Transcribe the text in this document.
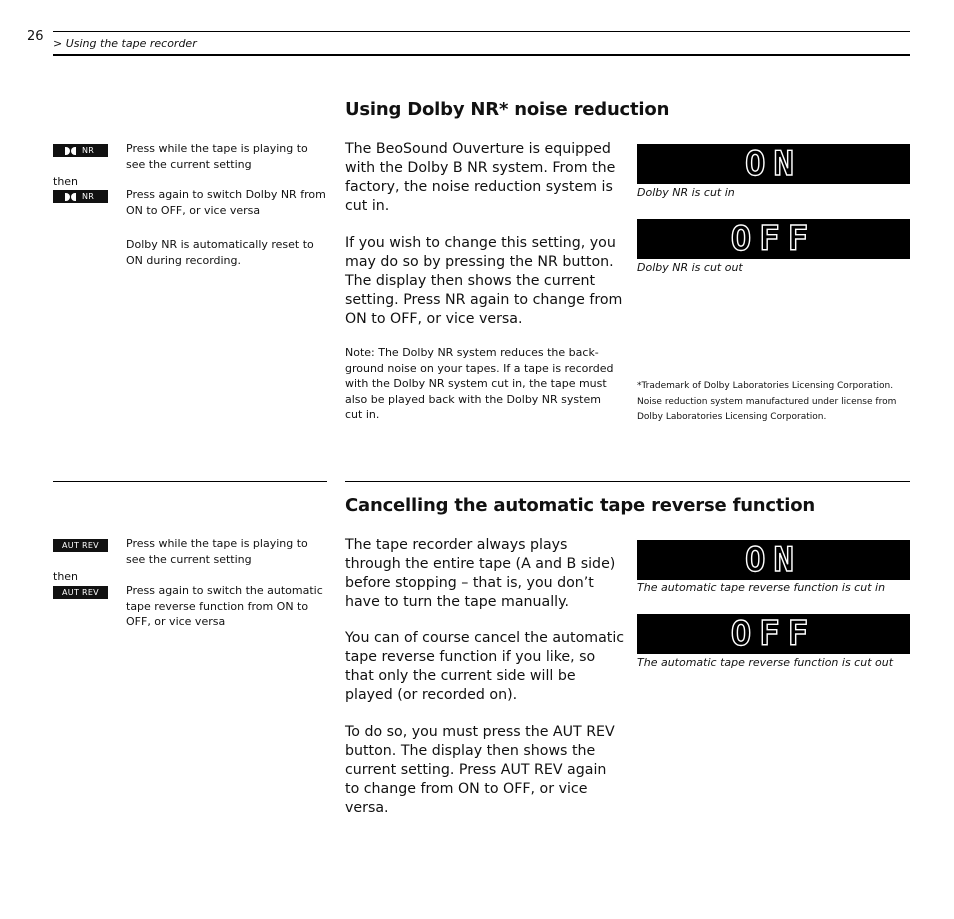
26 > Using the tape recorder
Using Dolby NR* noise reduction
NR	Press while the tape is playing to see the current setting
then
NR	Press again to switch Dolby NR from ON to OFF, or vice versa
Dolby NR is automatically reset to ON during recording.
The BeoSound Ouverture is equipped with the Dolby B NR system. From the factory, the noise reduction system is cut in.
If you wish to change this setting, you may do so by pressing the NR button. The display then shows the current setting. Press NR again to change from ON to OFF, or vice versa.
Note: The Dolby NR system reduces the back-ground noise on your tapes. If a tape is recorded with the Dolby NR system cut in, the tape must also be played back with the Dolby NR system cut in.
ON
Dolby NR is cut in
OFF
Dolby NR is cut out
*Trademark of Dolby Laboratories Licensing Corporation. Noise reduction system manufactured under license from Dolby Laboratories Licensing Corporation.
Cancelling the automatic tape reverse function
AUT REV Press while the tape is playing to see the current setting
then
AUT REV Press again to switch the automatic tape reverse function from ON to OFF, or vice versa
The tape recorder always plays through the entire tape (A and B side) before stopping – that is, you don’t have to turn the tape manually.
You can of course cancel the automatic tape reverse function if you like, so that only the current side will be played (or recorded on).
To do so, you must press the AUT REV button. The display then shows the current setting. Press AUT REV again to change from ON to OFF, or vice versa.
ON
The automatic tape reverse function is cut in
OFF
The automatic tape reverse function is cut out
